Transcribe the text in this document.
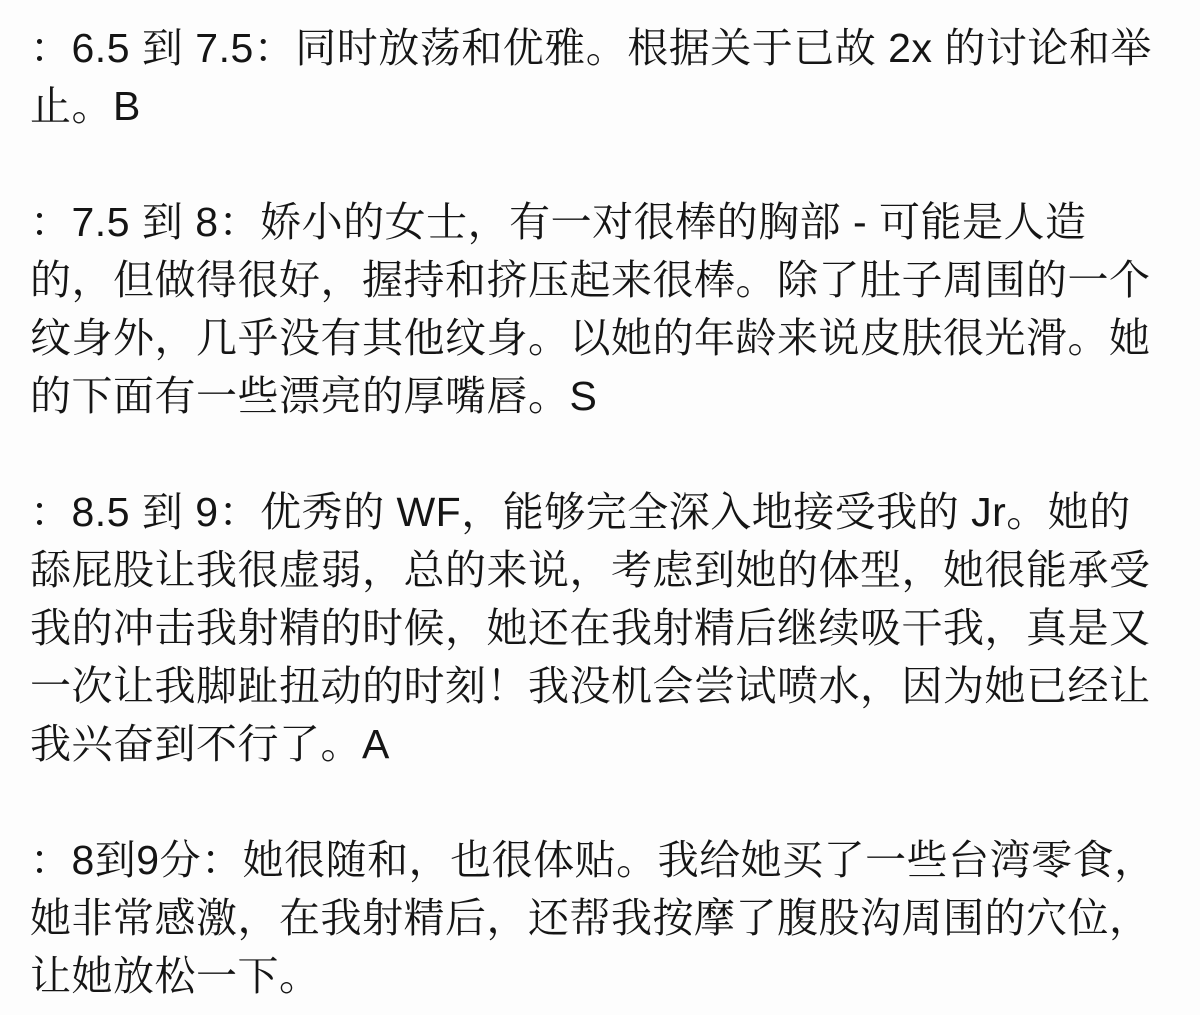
：6.5 到 7.5：同时放荡和优雅。根据关于已故 2x 的讨论和举
止。B
：7.5 到 8：娇小的女士，有一对很棒的胸部 - 可能是人造
的，但做得很好，握持和挤压起来很棒。除了肚子周围的一个
纹身外，几乎没有其他纹身。以她的年龄来说皮肤很光滑。她
的下面有一些漂亮的厚嘴唇。S
：8.5 到 9：优秀的 WF，能够完全深入地接受我的 Jr。她的
舔屁股让我很虚弱，总的来说，考虑到她的体型，她很能承受
我的冲击我射精的时候，她还在我射精后继续吸干我，真是又
一次让我脚趾扭动的时刻！我没机会尝试喷水，因为她已经让
我兴奋到不行了。A
：8到9分：她很随和，也很体贴。我给她买了一些台湾零食，
她非常感激，在我射精后，还帮我按摩了腹股沟周围的穴位，
让她放松一下。
